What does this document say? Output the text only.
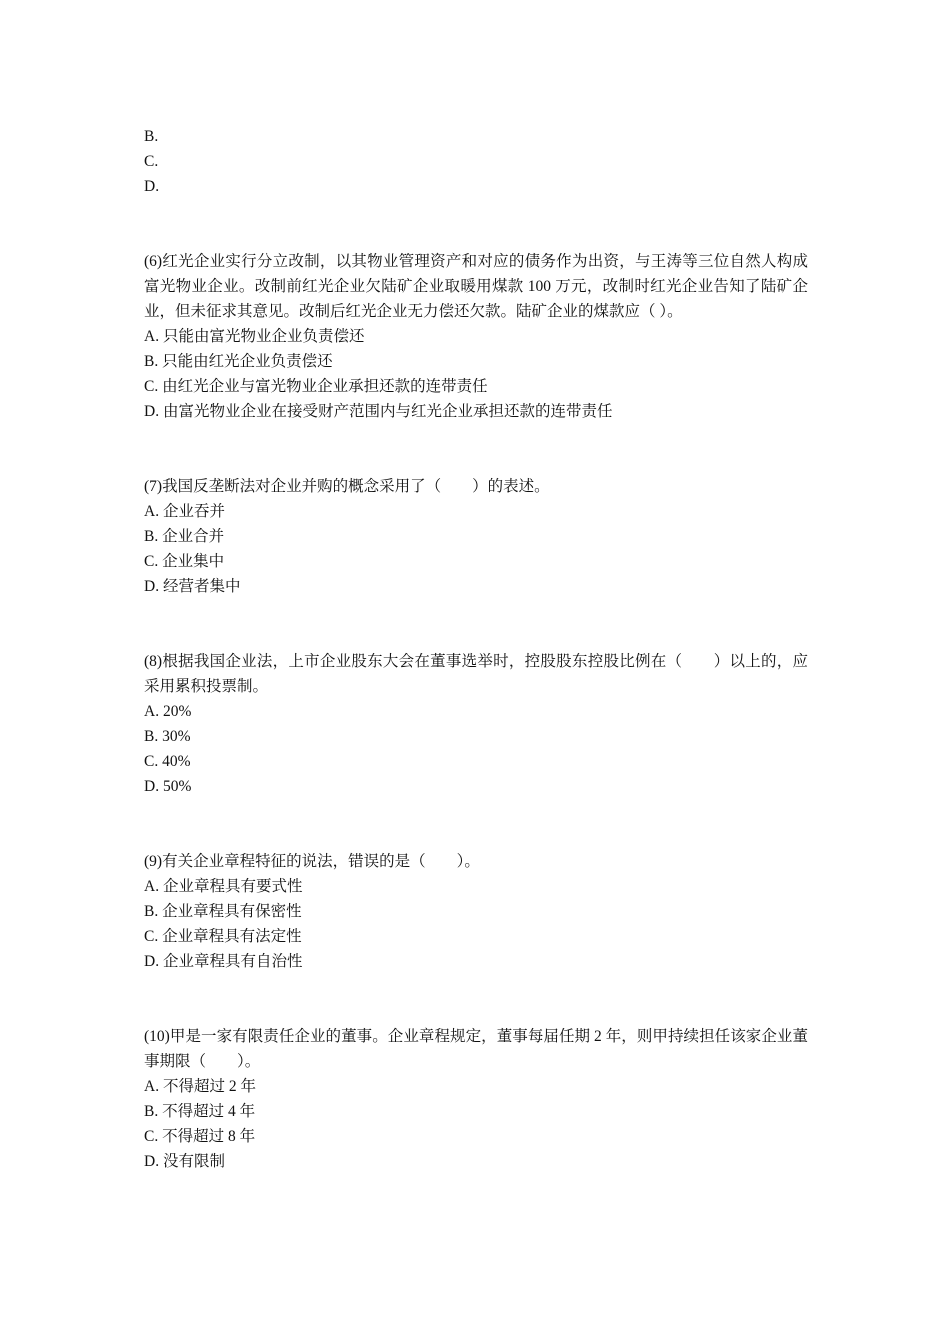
B.
C.
D.
(6)红光企业实行分立改制，以其物业管理资产和对应的债务作为出资，与王涛等三位自然人构成富光物业企业。改制前红光企业欠陆矿企业取暖用煤款 100 万元，改制时红光企业告知了陆矿企业，但未征求其意见。改制后红光企业无力偿还欠款。陆矿企业的煤款应（ ）。
A. 只能由富光物业企业负责偿还
B. 只能由红光企业负责偿还
C. 由红光企业与富光物业企业承担还款的连带责任
D. 由富光物业企业在接受财产范围内与红光企业承担还款的连带责任
(7)我国反垄断法对企业并购的概念采用了（　　）的表述。
A. 企业吞并
B. 企业合并
C. 企业集中
D. 经营者集中
(8)根据我国企业法，上市企业股东大会在董事选举时，控股股东控股比例在（　　）以上的，应采用累积投票制。
A. 20%
B. 30%
C. 40%
D. 50%
(9)有关企业章程特征的说法，错误的是（　　）。
A. 企业章程具有要式性
B. 企业章程具有保密性
C. 企业章程具有法定性
D. 企业章程具有自治性
(10)甲是一家有限责任企业的董事。企业章程规定，董事每届任期 2 年，则甲持续担任该家企业董事期限（　　）。
A. 不得超过 2 年
B. 不得超过 4 年
C. 不得超过 8 年
D. 没有限制
